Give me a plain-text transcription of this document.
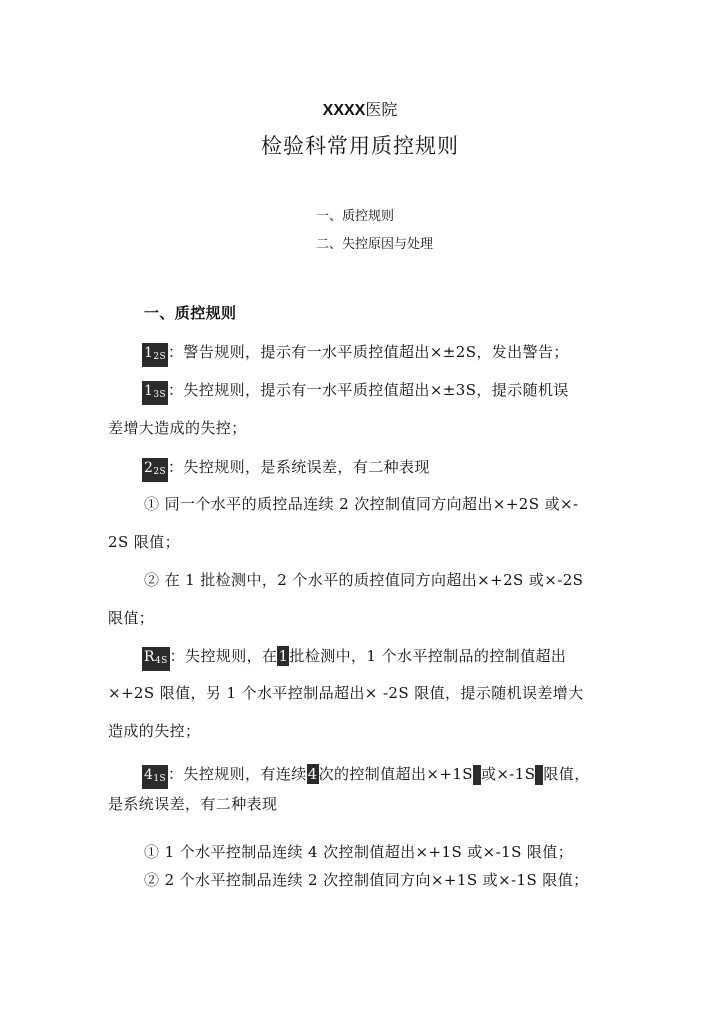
XXXX医院
检验科常用质控规则
一、质控规则
二、失控原因与处理
一、质控规则
$1_{2S}$ ：警告规则，提示有一水平质控值超出×±2S，发出警告；
$1_{3S}$ ：失控规则，提示有一水平质控值超出×±3S，提示随机误
差增大造成的失控；
$2_{2S}$ ：失控规则，是系统误差，有二种表现
① 同一个水平的质控品连续 2 次控制值同方向超出×+2S 或×-
2S 限值；
② 在 1 批检测中，2 个水平的质控值同方向超出×+2S 或×-2S
限值；
$R_{4S}$ ：失控规则，在1批检测中，1 个水平控制品的控制值超出
×+2S 限值，另 1 个水平控制品超出× -2S 限值，提示随机误差增大
造成的失控；
$4_{1S}$ ：失控规则，有连续4次的控制值超出×+1S 或×-1S 限值，
是系统误差，有二种表现
① 1 个水平控制品连续 4 次控制值超出×+1S 或×-1S 限值；
② 2 个水平控制品连续 2 次控制值同方向×+1S 或×-1S 限值；
